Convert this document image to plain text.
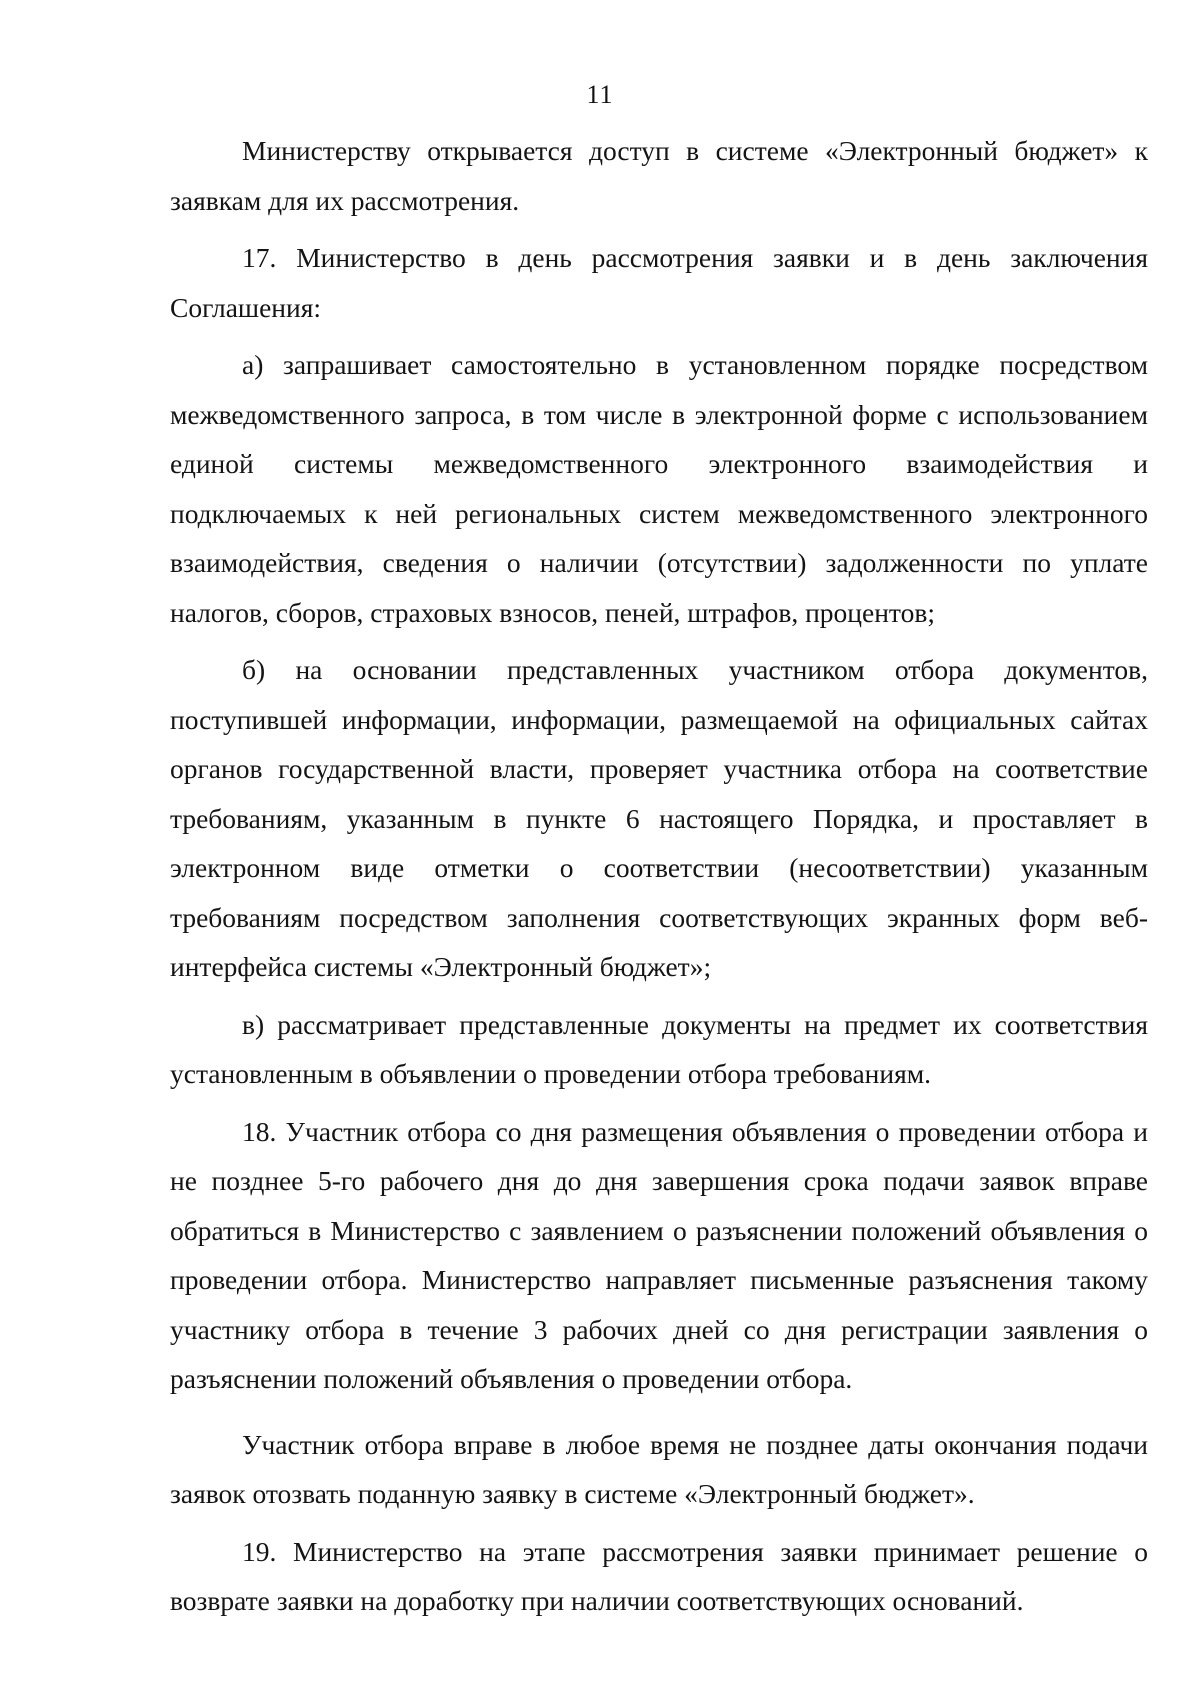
11

Министерству открывается доступ в системе «Электронный бюджет» к заявкам для их рассмотрения.

17. Министерство в день рассмотрения заявки и в день заключения Соглашения:

а) запрашивает самостоятельно в установленном порядке посредством межведомственного запроса, в том числе в электронной форме с использованием единой системы межведомственного электронного взаимодействия и подключаемых к ней региональных систем межведомственного электронного взаимодействия, сведения о наличии (отсутствии) задолженности по уплате налогов, сборов, страховых взносов, пеней, штрафов, процентов;

б) на основании представленных участником отбора документов, поступившей информации, информации, размещаемой на официальных сайтах органов государственной власти, проверяет участника отбора на соответствие требованиям, указанным в пункте 6 настоящего Порядка, и проставляет в электронном виде отметки о соответствии (несоответствии) указанным требованиям посредством заполнения соответствующих экранных форм веб-интерфейса системы «Электронный бюджет»;

в) рассматривает представленные документы на предмет их соответствия установленным в объявлении о проведении отбора требованиям.

18. Участник отбора со дня размещения объявления о проведении отбора и не позднее 5-го рабочего дня до дня завершения срока подачи заявок вправе обратиться в Министерство с заявлением о разъяснении положений объявления о проведении отбора. Министерство направляет письменные разъяснения такому участнику отбора в течение 3 рабочих дней со дня регистрации заявления о разъяснении положений объявления о проведении отбора.

Участник отбора вправе в любое время не позднее даты окончания подачи заявок отозвать поданную заявку в системе «Электронный бюджет».

19. Министерство на этапе рассмотрения заявки принимает решение о возврате заявки на доработку при наличии соответствующих оснований.
